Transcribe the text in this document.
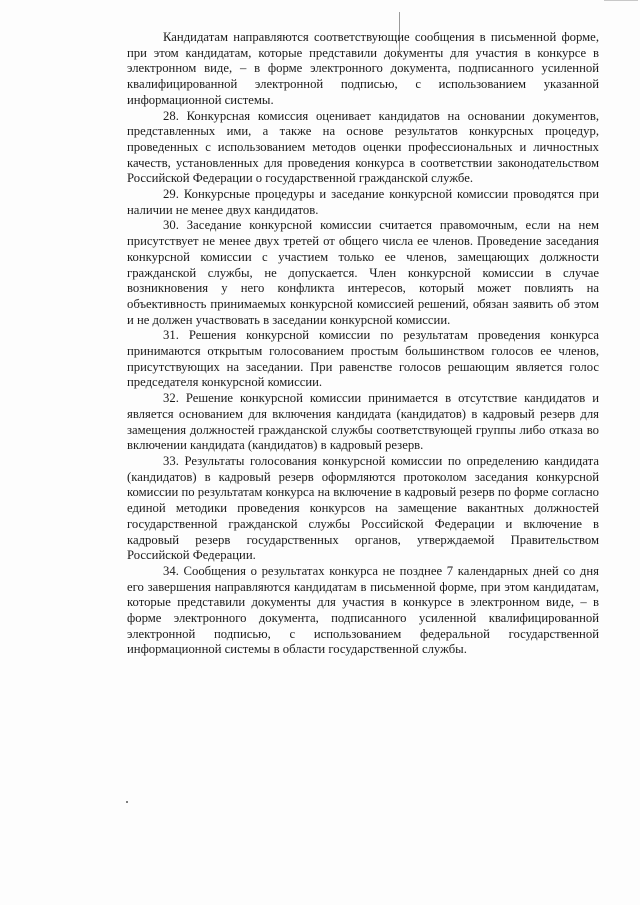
Кандидатам направляются соответствующие сообщения в письменной форме, при этом кандидатам, которые представили документы для участия в конкурсе в электронном виде, – в форме электронного документа, подписанного усиленной квалифицированной электронной подписью, с использованием указанной информационной системы.

28. Конкурсная комиссия оценивает кандидатов на основании документов, представленных ими, а также на основе результатов конкурсных процедур, проведенных с использованием методов оценки профессиональных и личностных качеств, установленных для проведения конкурса в соответствии законодательством Российской Федерации о государственной гражданской службе.

29. Конкурсные процедуры и заседание конкурсной комиссии проводятся при наличии не менее двух кандидатов.

30. Заседание конкурсной комиссии считается правомочным, если на нем присутствует не менее двух третей от общего числа ее членов. Проведение заседания конкурсной комиссии с участием только ее членов, замещающих должности гражданской службы, не допускается. Член конкурсной комиссии в случае возникновения у него конфликта интересов, который может повлиять на объективность принимаемых конкурсной комиссией решений, обязан заявить об этом и не должен участвовать в заседании конкурсной комиссии.

31. Решения конкурсной комиссии по результатам проведения конкурса принимаются открытым голосованием простым большинством голосов ее членов, присутствующих на заседании. При равенстве голосов решающим является голос председателя конкурсной комиссии.

32. Решение конкурсной комиссии принимается в отсутствие кандидатов и является основанием для включения кандидата (кандидатов) в кадровый резерв для замещения должностей гражданской службы соответствующей группы либо отказа во включении кандидата (кандидатов) в кадровый резерв.

33. Результаты голосования конкурсной комиссии по определению кандидата (кандидатов) в кадровый резерв оформляются протоколом заседания конкурсной комиссии по результатам конкурса на включение в кадровый резерв по форме согласно единой методики проведения конкурсов на замещение вакантных должностей государственной гражданской службы Российской Федерации и включение в кадровый резерв государственных органов, утверждаемой Правительством Российской Федерации.

34. Сообщения о результатах конкурса не позднее 7 календарных дней со дня его завершения направляются кандидатам в письменной форме, при этом кандидатам, которые представили документы для участия в конкурсе в электронном виде, – в форме электронного документа, подписанного усиленной квалифицированной электронной подписью, с использованием федеральной государственной информационной системы в области государственной службы.
